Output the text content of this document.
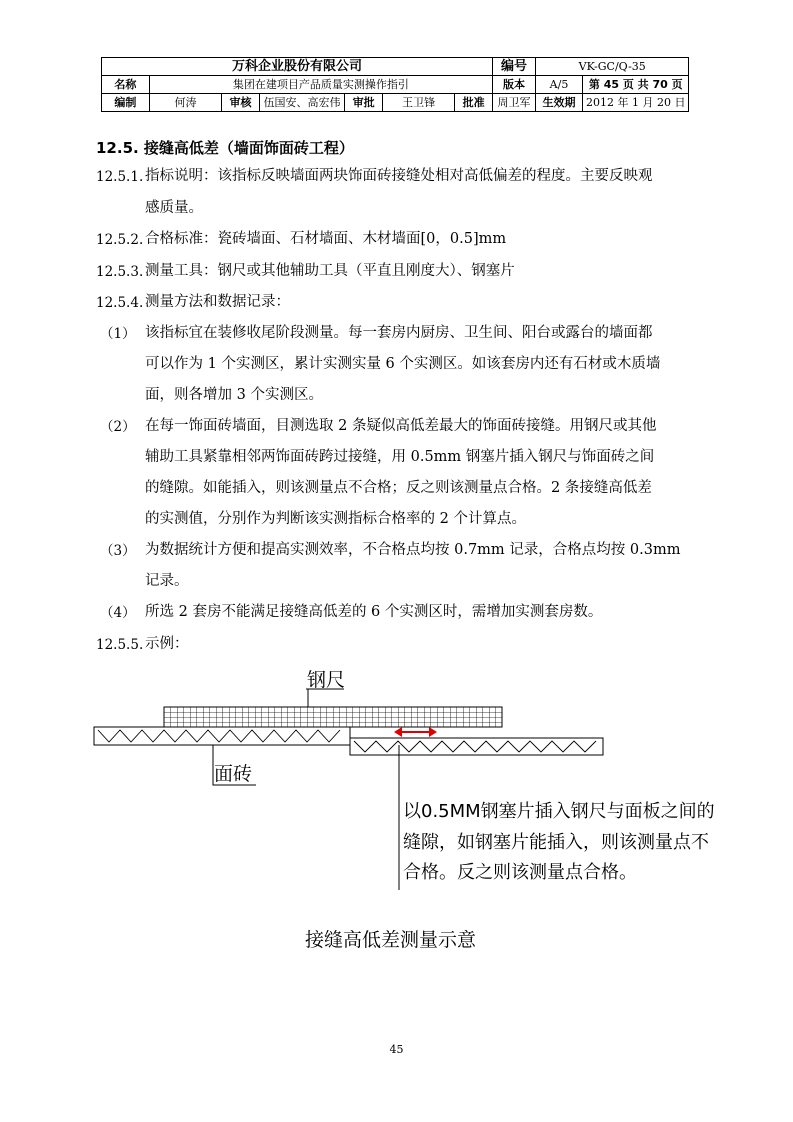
万科企业股份有限公司							编号	VK-GC/Q-35	
名称	集团在建项目产品质量实测操作指引						版本	A/5	第 45 页 共 70 页
编制	何涛	审核	伍国安、高宏伟	审批	王卫锋	批准	周卫军	生效期	2012 年 1 月 20 日
12.5. 接缝高低差（墙面饰面砖工程）
12.5.1. 指标说明：该指标反映墙面两块饰面砖接缝处相对高低偏差的程度。主要反映观
感质量。
12.5.2. 合格标准：瓷砖墙面、石材墙面、木材墙面[0，0.5]mm
12.5.3. 测量工具：钢尺或其他辅助工具（平直且刚度大）、钢塞片
12.5.4. 测量方法和数据记录：
（1） 该指标宜在装修收尾阶段测量。每一套房内厨房、卫生间、阳台或露台的墙面都
可以作为 1 个实测区，累计实测实量 6 个实测区。如该套房内还有石材或木质墙
面，则各增加 3 个实测区。
（2） 在每一饰面砖墙面，目测选取 2 条疑似高低差最大的饰面砖接缝。用钢尺或其他
辅助工具紧靠相邻两饰面砖跨过接缝，用 0.5mm 钢塞片插入钢尺与饰面砖之间
的缝隙。如能插入，则该测量点不合格；反之则该测量点合格。2 条接缝高低差
的实测值，分别作为判断该实测指标合格率的 2 个计算点。
（3） 为数据统计方便和提高实测效率，不合格点均按 0.7mm 记录，合格点均按 0.3mm
记录。
（4） 所选 2 套房不能满足接缝高低差的 6 个实测区时，需增加实测套房数。
12.5.5. 示例：
钢尺
面砖
以0.5MM钢塞片插入钢尺与面板之间的
缝隙，如钢塞片能插入，则该测量点不
合格。反之则该测量点合格。
接缝高低差测量示意
45
